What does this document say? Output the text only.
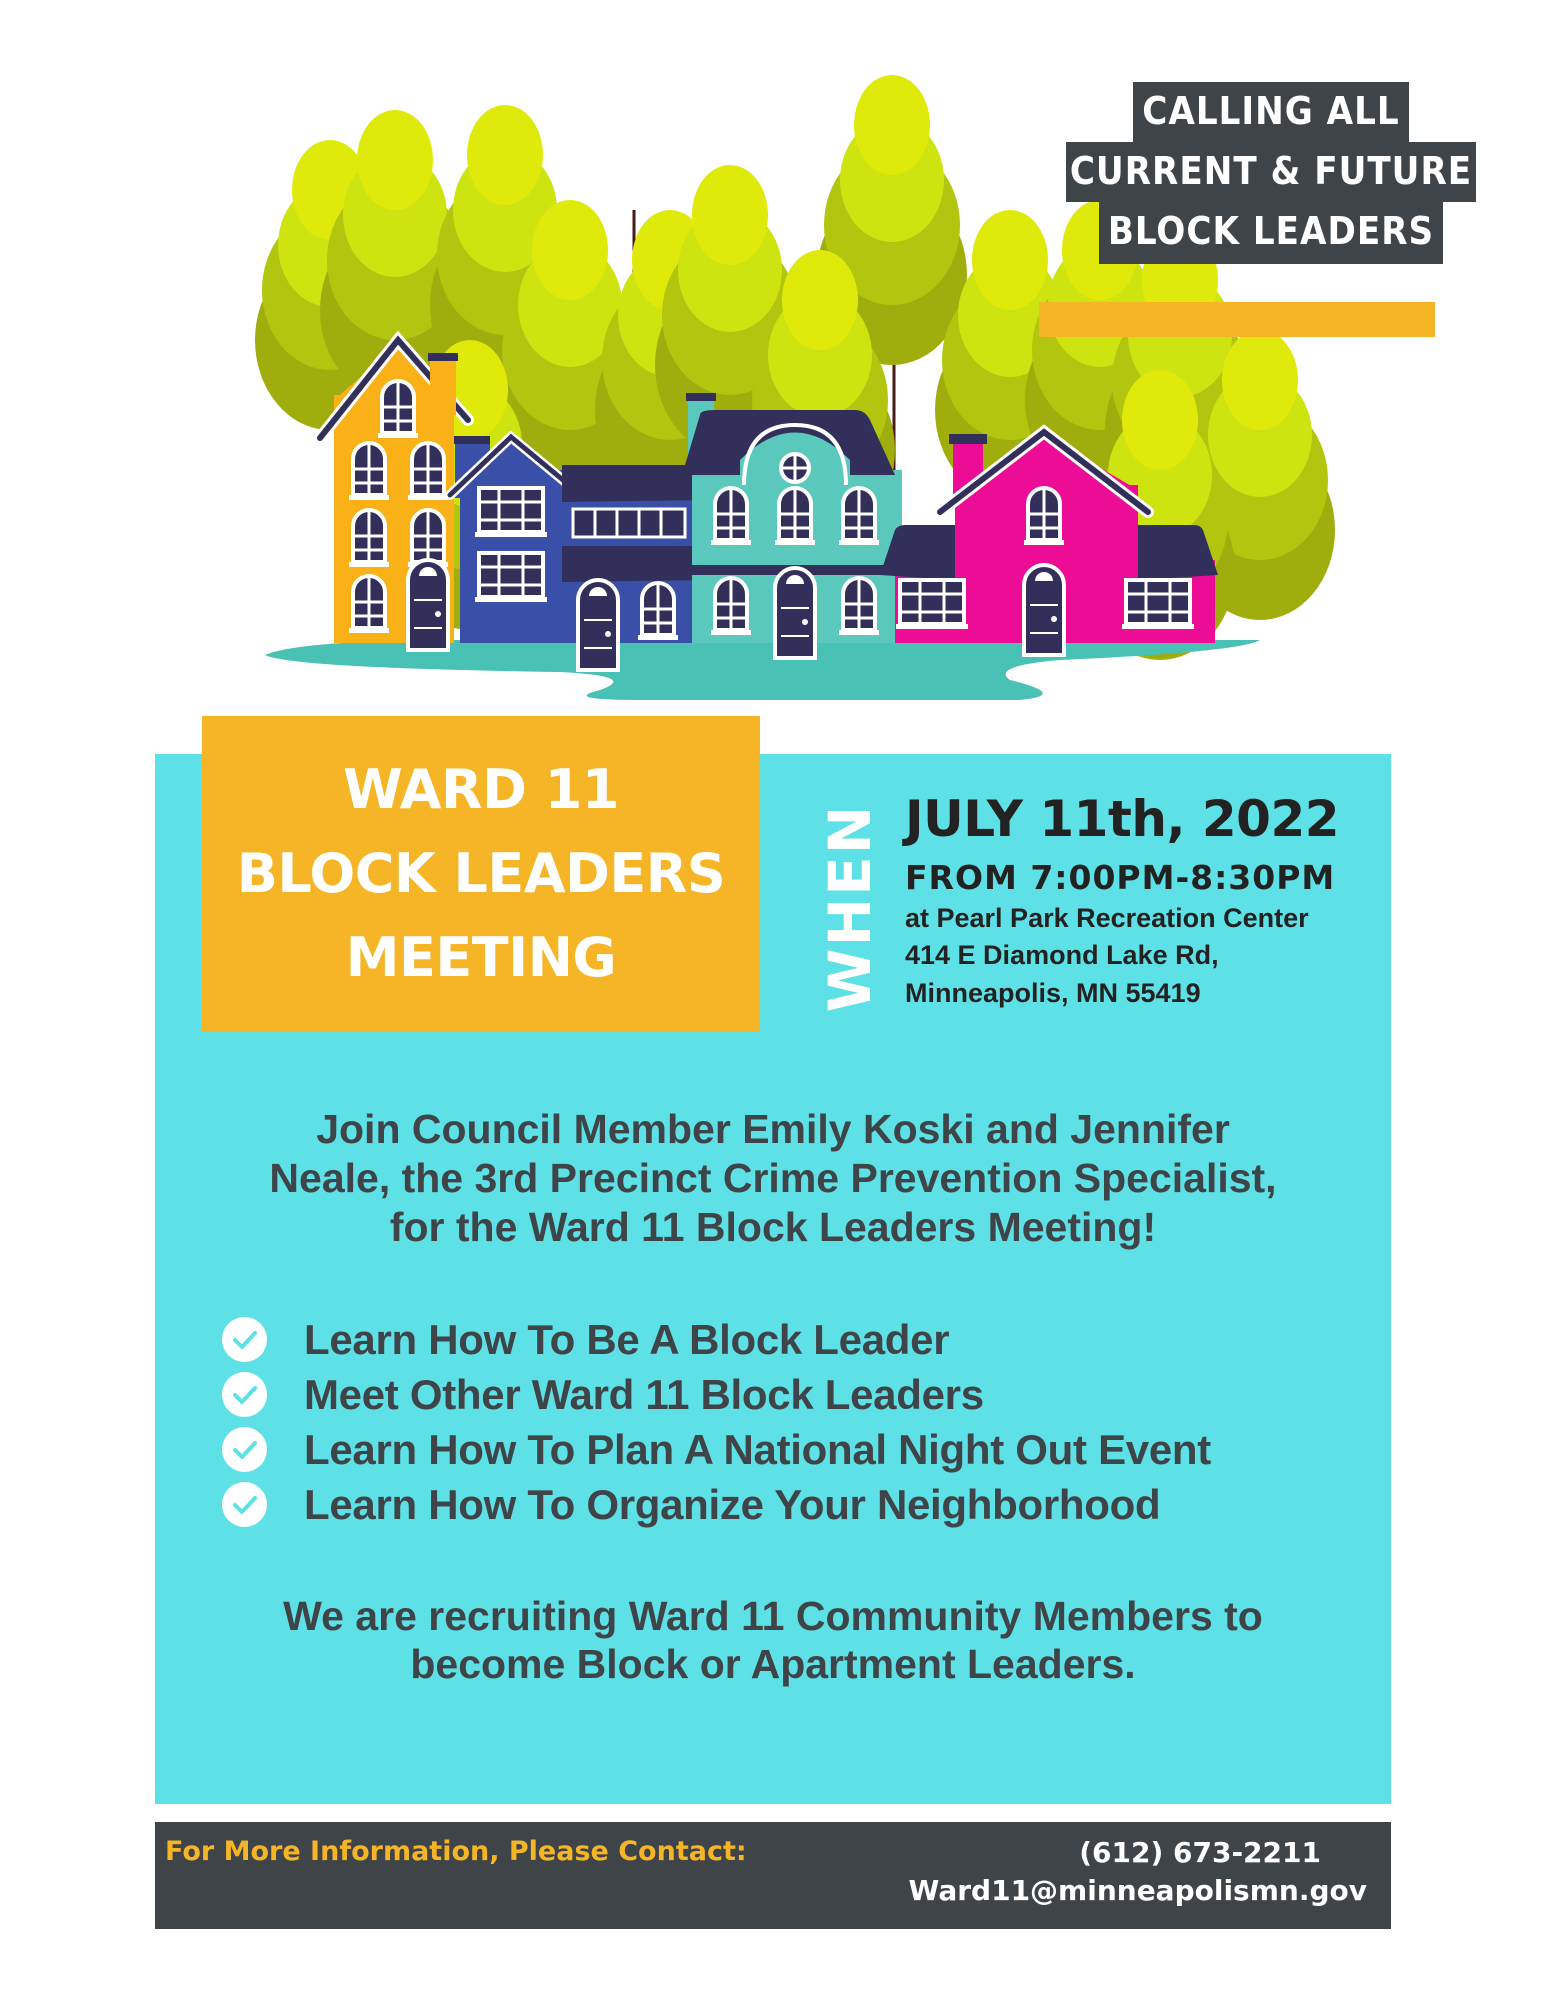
CALLING ALL
CURRENT & FUTURE
BLOCK LEADERS
WARD 11
BLOCK LEADERS
MEETING	WHEN JULY 11th, 2022
FROM 7:00PM-8:30PM
at Pearl Park Recreation Center
414 E Diamond Lake Rd,
Minneapolis, MN 55419
Join Council Member Emily Koski and Jennifer
Neale, the 3rd Precinct Crime Prevention Specialist,
for the Ward 11 Block Leaders Meeting!
Learn How To Be A Block Leader
Meet Other Ward 11 Block Leaders
Learn How To Plan A National Night Out Event
Learn How To Organize Your Neighborhood
We are recruiting Ward 11 Community Members to
become Block or Apartment Leaders.
For More Information, Please Contact:	(612) 673-2211
Ward11@minneapolismn.gov
